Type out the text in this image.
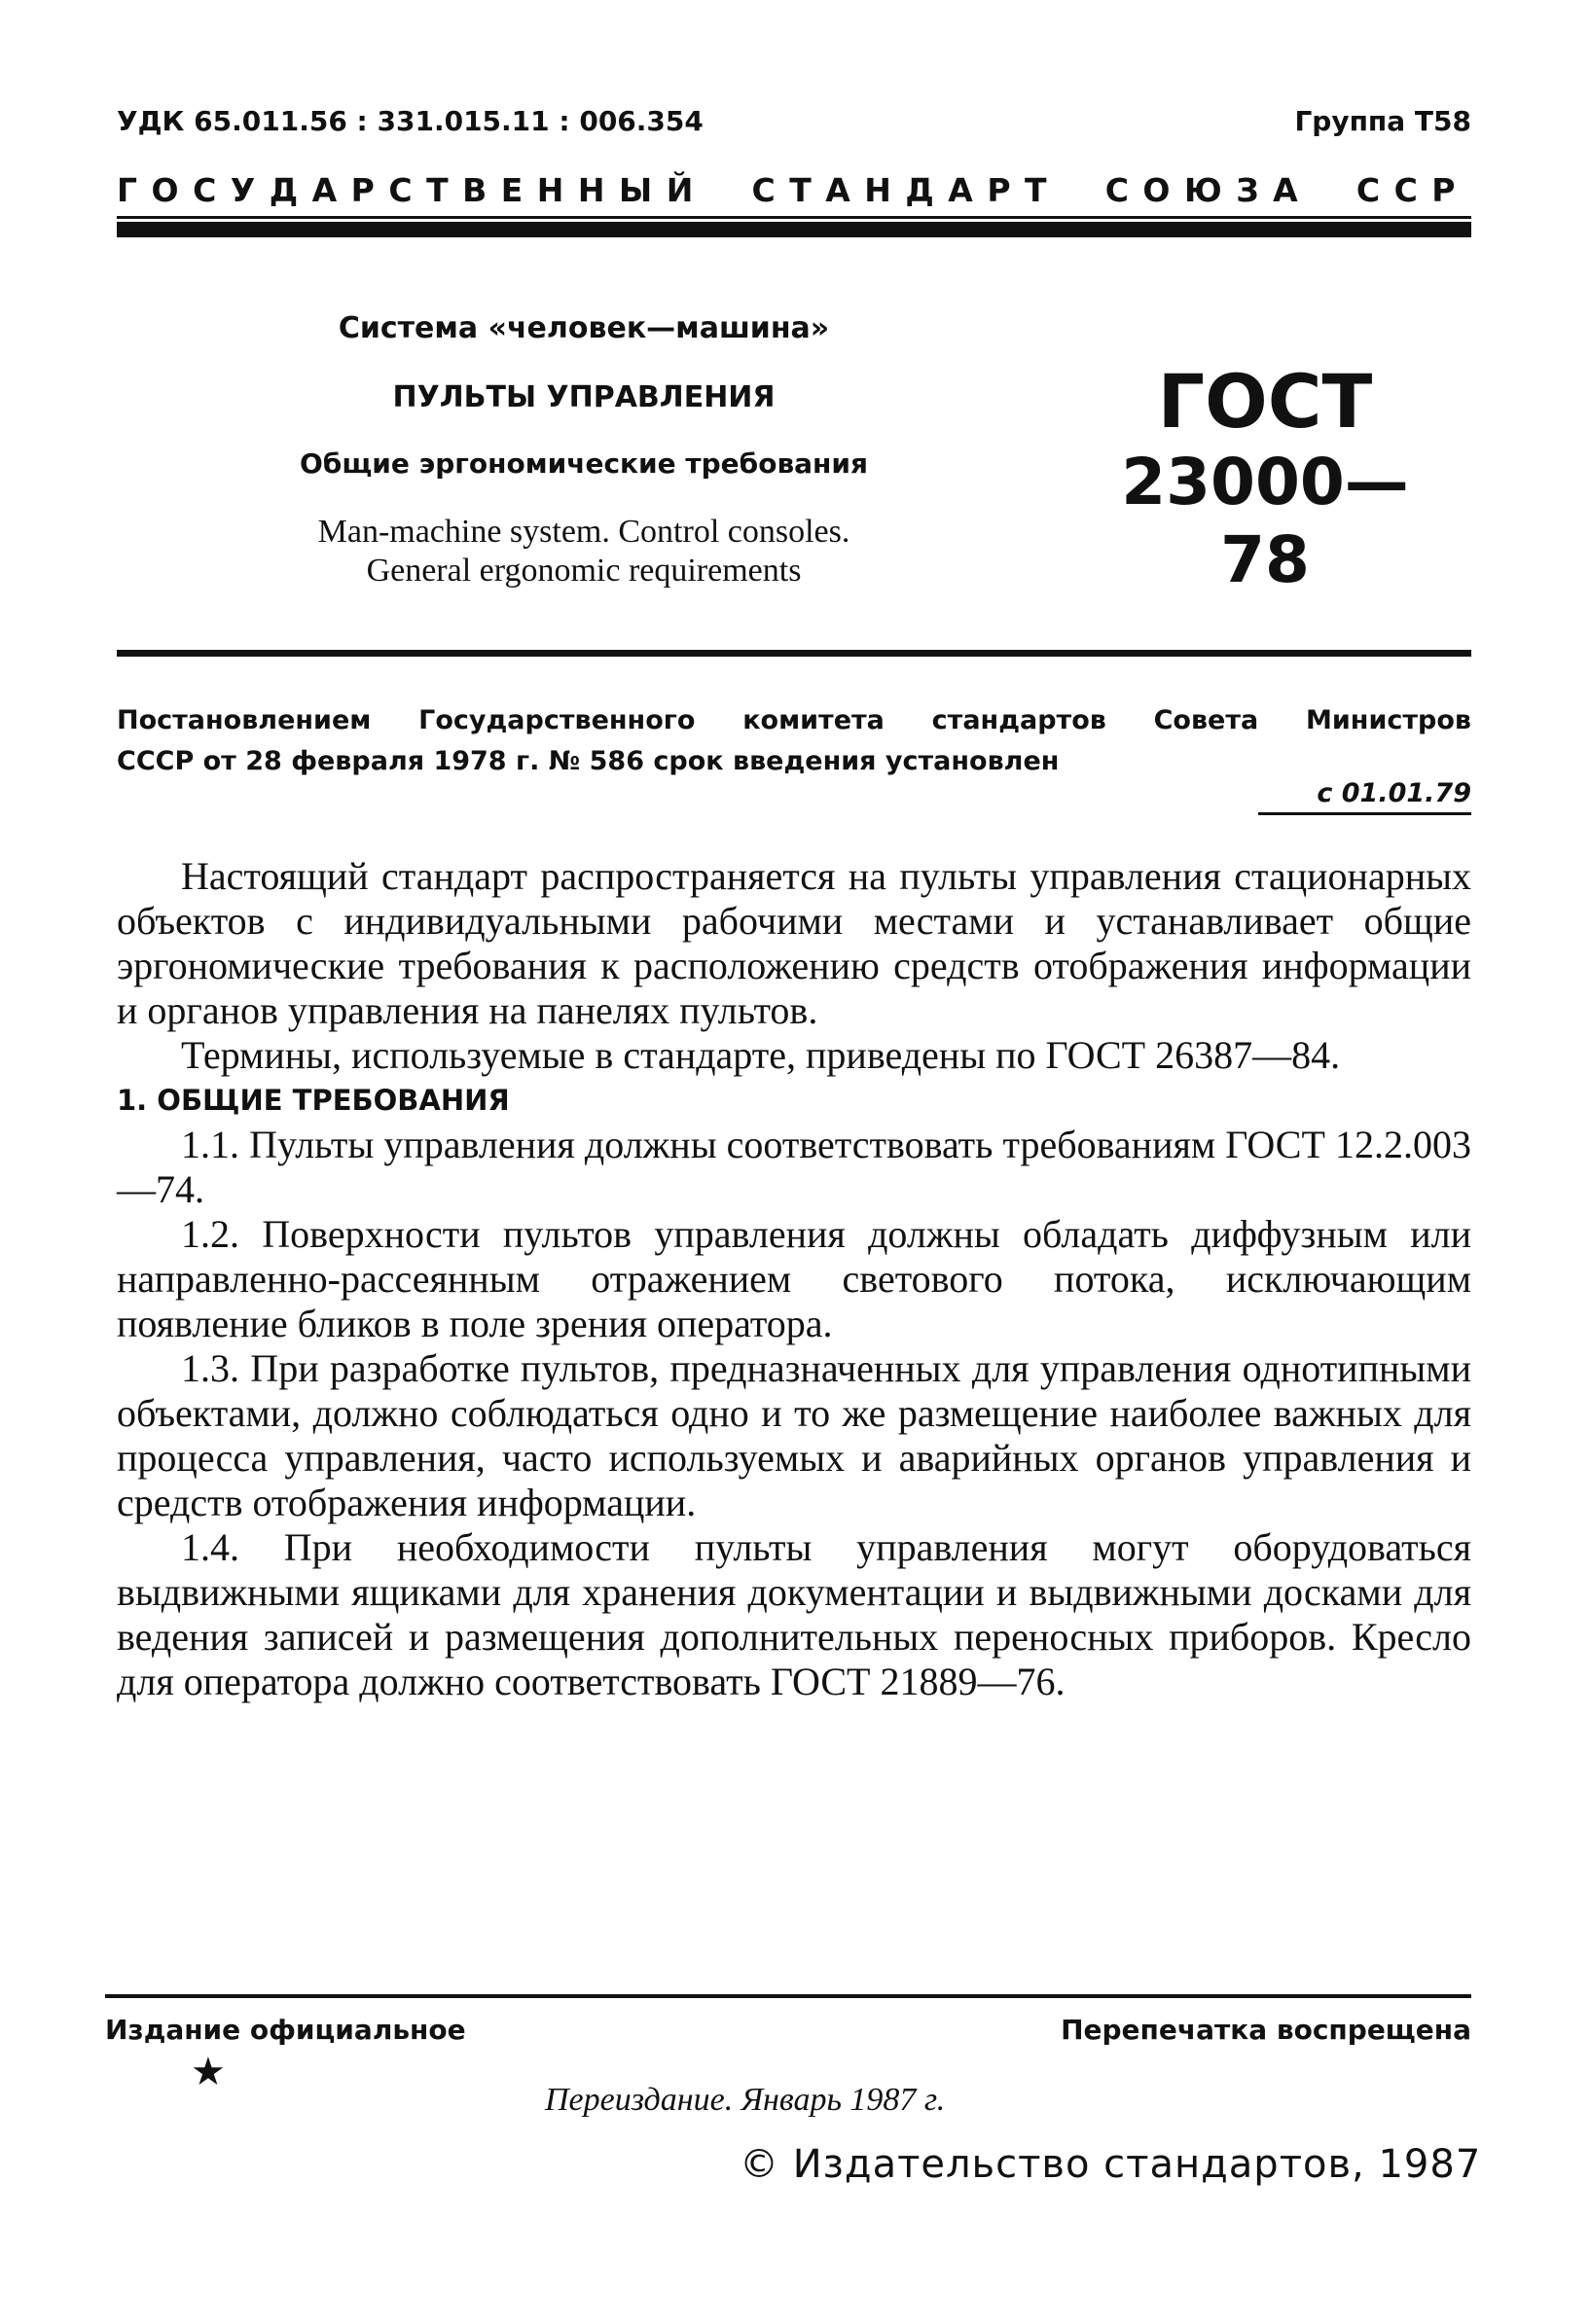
УДК 65.011.56 : 331.015.11 : 006.354	Группа Т58
ГОСУДАРСТВЕННЫЙ СТАНДАРТ СОЮЗА ССР

Система «человек—машина»

ПУЛЬТЫ УПРАВЛЕНИЯ

Общие эргономические требования

Man-machine system. Control consoles.

General ergonomic requirements

ГОСТ

23000—78

Постановлением Государственного комитета стандартов Совета Министров
СССР от 28 февраля 1978 г. № 586 срок введения установлен
с 01.01.79

Настоящий стандарт распространяется на пульты управления стационарных объектов с индивидуальными рабочими местами и устанавливает общие эргономические требования к расположению средств отображения информации и органов управления на панелях пультов.

Термины, используемые в стандарте, приведены по ГОСТ 26387—84.

1. ОБЩИЕ ТРЕБОВАНИЯ

1.1. Пульты управления должны соответствовать требованиям ГОСТ 12.2.003—74.

1.2. Поверхности пультов управления должны обладать диффузным или направленно-рассеянным отражением светового потока, исключающим появление бликов в поле зрения оператора.

1.3. При разработке пультов, предназначенных для управления однотипными объектами, должно соблюдаться одно и то же размещение наиболее важных для процесса управления, часто используемых и аварийных органов управления и средств отображения информации.

1.4. При необходимости пульты управления могут оборудоваться выдвижными ящиками для хранения документации и выдвижными досками для ведения записей и размещения дополнительных переносных приборов. Кресло для оператора должно соответствовать ГОСТ 21889—76.

Издание официальное	Перепечатка воспрещена
★
Переиздание. Январь 1987 г.
© Издательство стандартов, 1987
